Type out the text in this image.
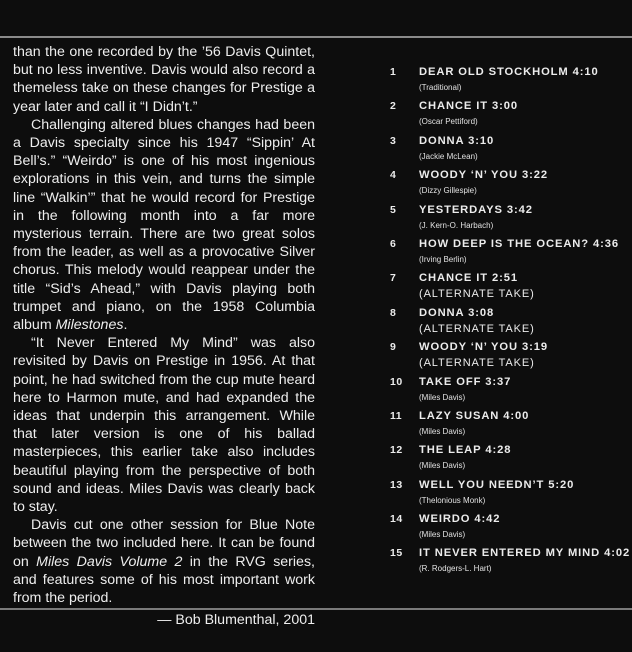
than the one recorded by the ’56 Davis Quintet, but no less inventive. Davis would also record a themeless take on these changes for Prestige a year later and call it “I Didn’t.”

Challenging altered blues changes had been a Davis specialty since his 1947 “Sippin’ At Bell’s.” “Weirdo” is one of his most ingenious explorations in this vein, and turns the simple line “Walkin’” that he would record for Prestige in the following month into a far more mysterious terrain. There are two great solos from the leader, as well as a provocative Silver chorus. This melody would reappear under the title “Sid’s Ahead,” with Davis playing both trumpet and piano, on the 1958 Columbia album Milestones.

“It Never Entered My Mind” was also revisited by Davis on Prestige in 1956. At that point, he had switched from the cup mute heard here to Harmon mute, and had expanded the ideas that underpin this arrangement. While that later version is one of his ballad masterpieces, this earlier take also includes beautiful playing from the perspective of both sound and ideas. Miles Davis was clearly back to stay.

Davis cut one other session for Blue Note between the two included here. It can be found on Miles Davis Volume 2 in the RVG series, and features some of his most important work from the period.

— Bob Blumenthal, 2001
1	DEAR OLD STOCKHOLM 4:10
(Traditional)
2	CHANCE IT 3:00
(Oscar Pettiford)
3	DONNA 3:10
(Jackie McLean)
4	WOODY ‘N’ YOU 3:22
(Dizzy Gillespie)
5	YESTERDAYS 3:42
(J. Kern-O. Harbach)
6	HOW DEEP IS THE OCEAN? 4:36
(Irving Berlin)
7	CHANCE IT 2:51
(ALTERNATE TAKE)
8	DONNA 3:08
(ALTERNATE TAKE)
9	WOODY ‘N’ YOU 3:19
(ALTERNATE TAKE)
10	TAKE OFF 3:37
(Miles Davis)
11	LAZY SUSAN 4:00
(Miles Davis)
12	THE LEAP 4:28
(Miles Davis)
13	WELL YOU NEEDN’T 5:20
(Thelonious Monk)
14	WEIRDO 4:42
(Miles Davis)
15	IT NEVER ENTERED MY MIND 4:02
(R. Rodgers-L. Hart)
